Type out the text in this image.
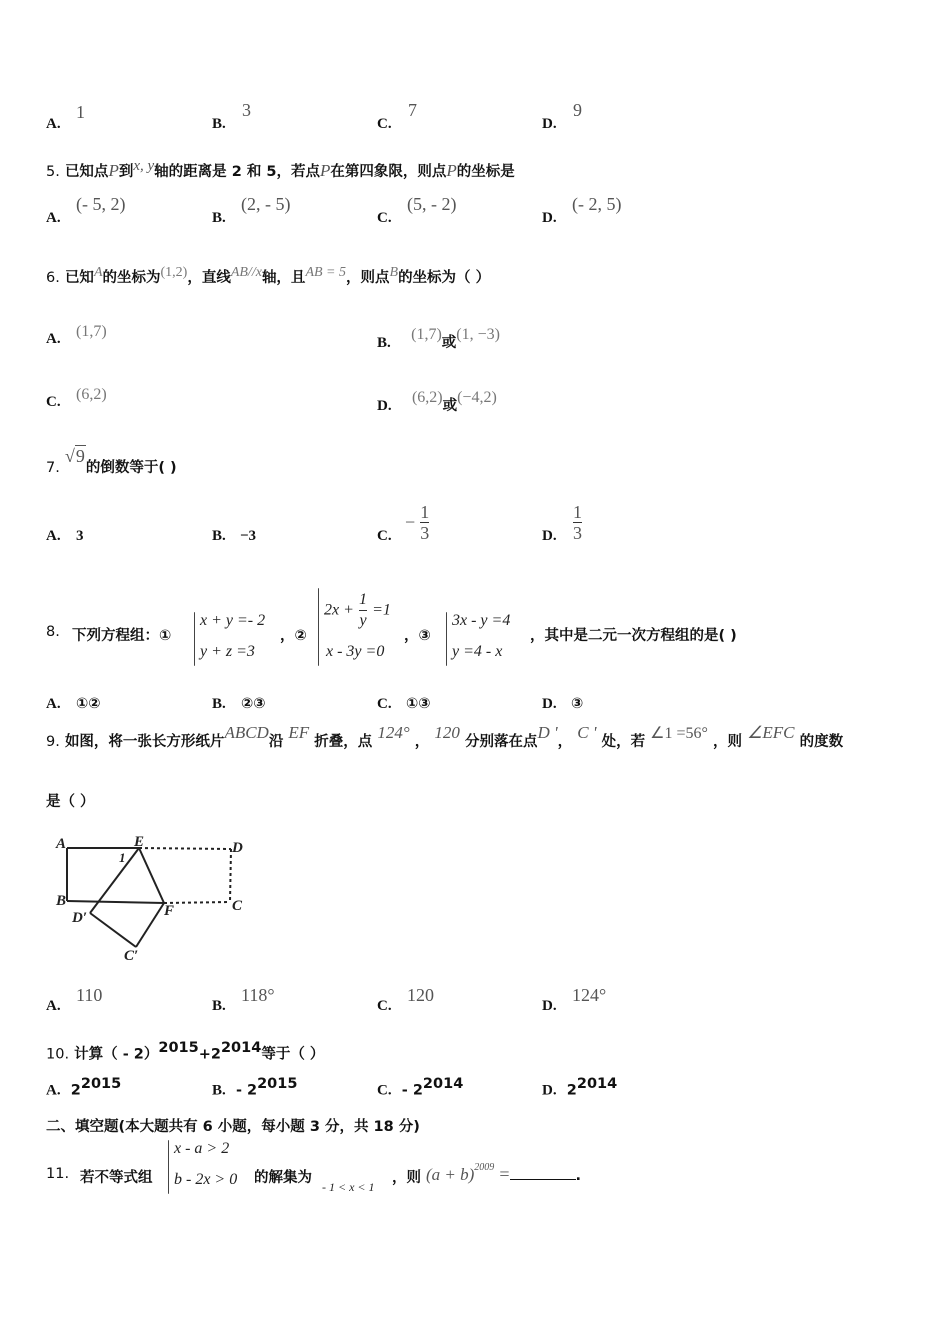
A.
1
B.
3
C.
7
D.
9
5. 已知点P到x, y轴的距离是 2 和 5，若点P在第四象限，则点P的坐标是
A.
(- 5, 2)
B.
(2, - 5)
C.
(5, - 2)
D.
(- 2, 5)
6. 已知A的坐标为(1,2)，直线AB//x轴，且AB = 5，则点B的坐标为（ ）
A. (1,7)
B. (1,7)或(1, −3)
C. (6,2)
D. (6,2)或(−4,2)
7. √9的倒数等于( )
A. 3	B. −3	C.
− $\frac{1}{3}$	D. $\frac{1}{3}$
8. 下列方程组：①
x + y =- 2
y + z =3
，②
$2x + \frac{1}{y} =1$
x - 3y =0
，③
3x - y =4
y =4 - x
，其中是二元一次方程组的是( )
A. ①②	B. ②③	C. ①③	D. ③
9. 如图，将一张长方形纸片ABCD沿 EF 折叠，点 124° ， 120 分别落在点D '， C ' 处，若 ∠1 =56° ，则 ∠EFC 的度数
是（ ）
A	E	D
B
F	C
D′
C′
1
A.
110
B.
118°
C.
120
D.
124°
10. 计算（ - $2)^{2015}+2^{2014}$等于（ ）
A. $2^{2015}$	B. - $2^{2015}$	C. - $2^{2014}$	D. $2^{2014}$
二、填空题(本大题共有 6 小题，每小题 3 分，共 18 分)
11. 若不等式组
x - a > 2
b - 2x > 0 的解集为
- 1 < x < 1
，则 $(a + b)^{2009}$ =	.
